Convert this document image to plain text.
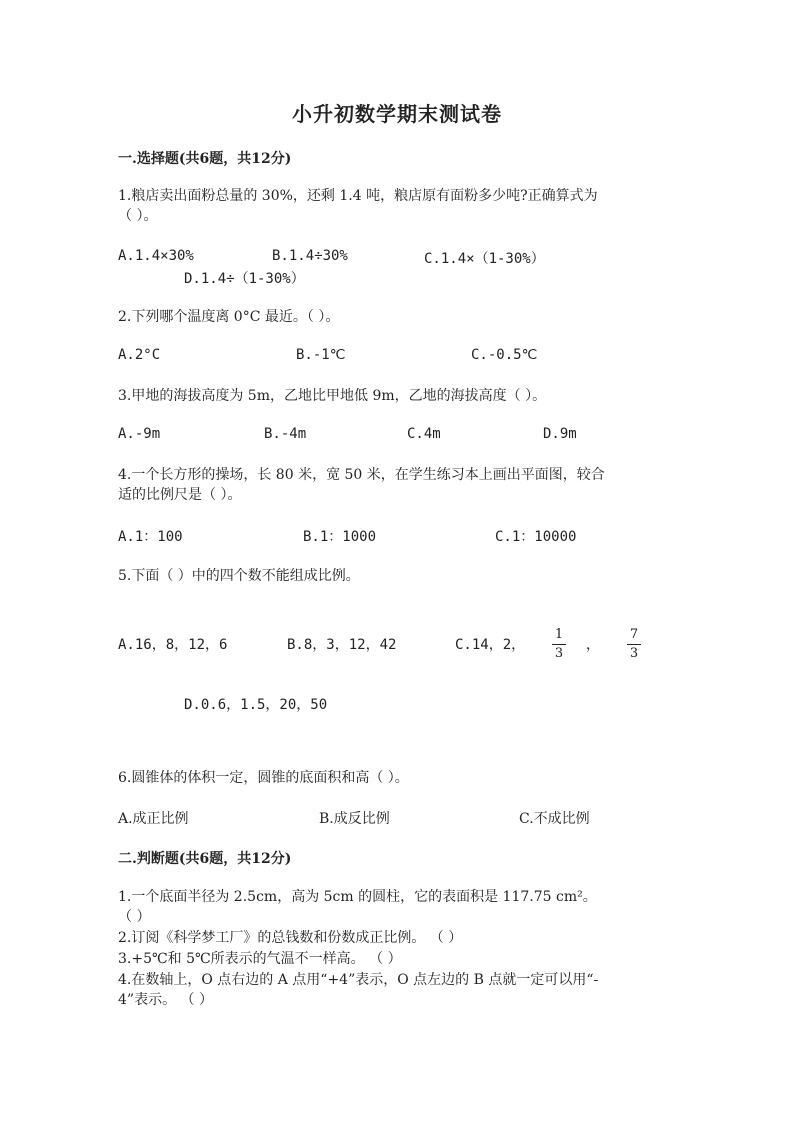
小升初数学期末测试卷
一.选择题(共6题，共12分)
1.粮店卖出面粉总量的 30%，还剩 1.4 吨，粮店原有面粉多少吨?正确算式为
（ ）。
A.1.4×30%	B.1.4÷30%	C.1.4×（1-30%）
D.1.4÷（1-30%）
2.下列哪个温度离 0°C 最近。（ ）。
A.2°C	B.-1℃	C.-0.5℃
3.甲地的海拔高度为 5m，乙地比甲地低 9m，乙地的海拔高度（ ）。
A.-9m	B.-4m	C.4m	D.9m
4.一个长方形的操场，长 80 米，宽 50 米，在学生练习本上画出平面图，较合
适的比例尺是（ ）。
A.1：100	B.1：1000	C.1：10000
5.下面（ ）中的四个数不能组成比例。
A.16，8，12，6	B.8，3，12，42	C.14，2，
1
3
，
7
3
D.0.6，1.5，20，50
6.圆锥体的体积一定，圆锥的底面积和高（ ）。
A.成正比例	B.成反比例	C.不成比例
二.判断题(共6题，共12分)
1.一个底面半径为 2.5cm，高为 5cm 的圆柱，它的表面积是 117.75 cm²。
（ ）
2.订阅《科学梦工厂》的总钱数和份数成正比例。 （ ）
3.+5℃和 5℃所表示的气温不一样高。 （ ）
4.在数轴上，O 点右边的 A 点用“+4”表示，O 点左边的 B 点就一定可以用“-
4”表示。 （ ）
